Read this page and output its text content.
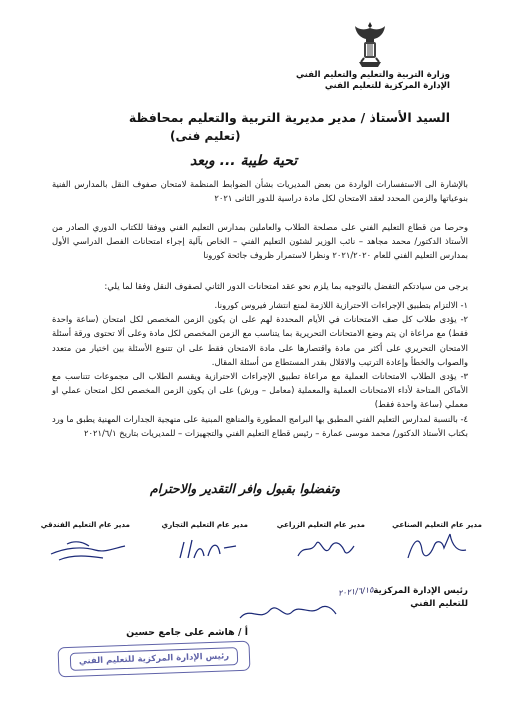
وزارة التربية والتعليم والتعليم الفني
الإدارة المركزية للتعليم الفني
السيد الأستاذ / مدير مديرية التربية والتعليم بمحافظة
(تعليم فنى)
تحية طيبة ... وبعد
بالإشارة الى الاستفسارات الواردة من بعض المديريات بشأن الضوابط المنظمة لامتحان صفوف النقل بالمدارس الفنية بنوعياتها والزمن المحدد لعقد الامتحان لكل مادة دراسية للدور الثانى ٢٠٢١
وحرصا من قطاع التعليم الفني على مصلحة الطلاب والعاملين بمدارس التعليم الفني ووفقا للكتاب الدوري الصادر من الأستاذ الدكتور/ محمد مجاهد – نائب الوزير لشئون التعليم الفني – الخاص بآلية إجراء امتحانات الفصل الدراسي الأول بمدارس التعليم الفني للعام ٢٠٢١/٢٠٢٠ ونظرا لاستمرار ظروف جائحة كورونا
يرجى من سيادتكم التفضل بالتوجيه بما يلزم نحو عقد امتحانات الدور الثاني لصفوف النقل وفقا لما يلي:
١- الالتزام بتطبيق الإجراءات الاحترازية اللازمة لمنع انتشار فيروس كورونا.
٢- يؤدى طلاب كل صف الامتحانات في الأيام المحددة لهم على ان يكون الزمن المخصص لكل امتحان (ساعة واحدة فقط) مع مراعاة ان يتم وضع الامتحانات التحريرية بما يتناسب مع الزمن المخصص لكل مادة وعلى ألا تحتوى ورقة أسئلة الامتحان التحريري على أكثر من مادة واقتصارها على مادة الامتحان فقط على ان تتنوع الأسئلة بين اختيار من متعدد والصواب والخطأ وإعادة الترتيب والاقلال بقدر المستطاع من أسئلة المقال.
٣- يؤدى الطلاب الامتحانات العملية مع مراعاة تطبيق الإجراءات الاحترازية ويقسم الطلاب الى مجموعات تتناسب مع الأماكن المتاحة لأداء الامتحانات العملية والمعملية (معامل – ورش) على ان يكون الزمن المخصص لكل امتحان عملي او معملي (ساعة واحدة فقط)
٤- بالنسبة لمدارس التعليم الفني المطبق بها البرامج المطورة والمناهج المبنية على منهجية الجدارات المهنية يطبق ما ورد بكتاب الأستاذ الدكتور/ محمد موسى عمارة – رئيس قطاع التعليم الفني والتجهيزات – للمديريات بتاريخ ٢٠٢١/٦/١
وتفضلوا بقبول وافر التقدير والاحترام
مدير عام التعليم الصناعي
مدير عام التعليم الزراعي
مدير عام التعليم التجاري
مدير عام التعليم الفندقي
رئيس الإدارة المركزية للتعليم الفني
٢٠٢١/٦/١٥
أ / هاشم على جامع حسين
رئيس الإدارة المركزية للتعليم الفني
